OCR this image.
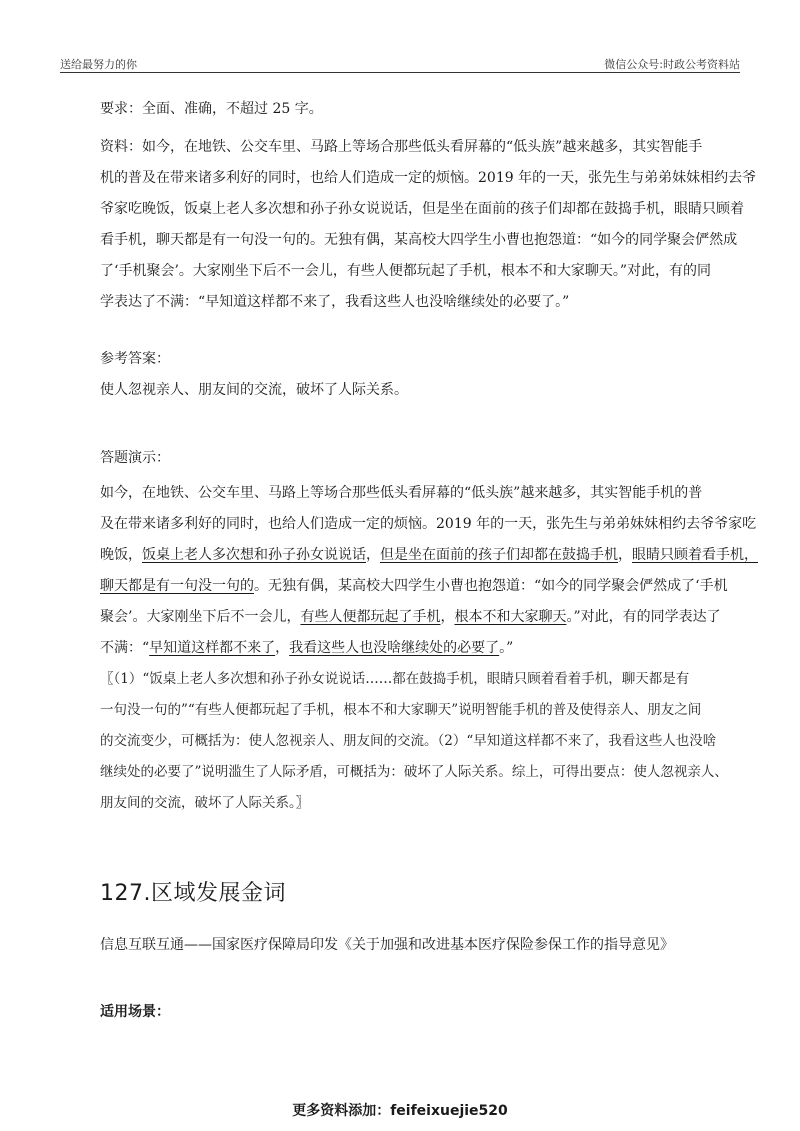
送给最努力的你	微信公众号:时政公考资料站
要求：全面、准确，不超过 25 字。
资料：如今，在地铁、公交车里、马路上等场合那些低头看屏幕的“低头族”越来越多，其实智能手
机的普及在带来诸多利好的同时，也给人们造成一定的烦恼。2019 年的一天，张先生与弟弟妹妹相约去爷
爷家吃晚饭，饭桌上老人多次想和孙子孙女说说话，但是坐在面前的孩子们却都在鼓捣手机，眼睛只顾着
看手机，聊天都是有一句没一句的。无独有偶，某高校大四学生小曹也抱怨道：“如今的同学聚会俨然成
了‘手机聚会’。大家刚坐下后不一会儿，有些人便都玩起了手机，根本不和大家聊天。”对此，有的同
学表达了不满：“早知道这样都不来了，我看这些人也没啥继续处的必要了。”
参考答案：
使人忽视亲人、朋友间的交流，破坏了人际关系。
答题演示：
如今，在地铁、公交车里、马路上等场合那些低头看屏幕的“低头族”越来越多，其实智能手机的普
及在带来诸多利好的同时，也给人们造成一定的烦恼。2019 年的一天，张先生与弟弟妹妹相约去爷爷家吃
晚饭，饭桌上老人多次想和孙子孙女说说话，但是坐在面前的孩子们却都在鼓捣手机，眼睛只顾着看手机，
聊天都是有一句没一句的。无独有偶，某高校大四学生小曹也抱怨道：“如今的同学聚会俨然成了‘手机
聚会’。大家刚坐下后不一会儿，有些人便都玩起了手机，根本不和大家聊天。”对此，有的同学表达了
不满：“早知道这样都不来了，我看这些人也没啥继续处的必要了。”
〖（1）“饭桌上老人多次想和孙子孙女说说话……都在鼓捣手机，眼睛只顾着看着手机，聊天都是有
一句没一句的”“有些人便都玩起了手机，根本不和大家聊天”说明智能手机的普及使得亲人、朋友之间
的交流变少，可概括为：使人忽视亲人、朋友间的交流。（2）“早知道这样都不来了，我看这些人也没啥
继续处的必要了”说明滥生了人际矛盾，可概括为：破坏了人际关系。综上，可得出要点：使人忽视亲人、
朋友间的交流，破坏了人际关系。〗
127.区域发展金词
信息互联互通——国家医疗保障局印发《关于加强和改进基本医疗保险参保工作的指导意见》
适用场景：
更多资料添加：feifeixuejie520
